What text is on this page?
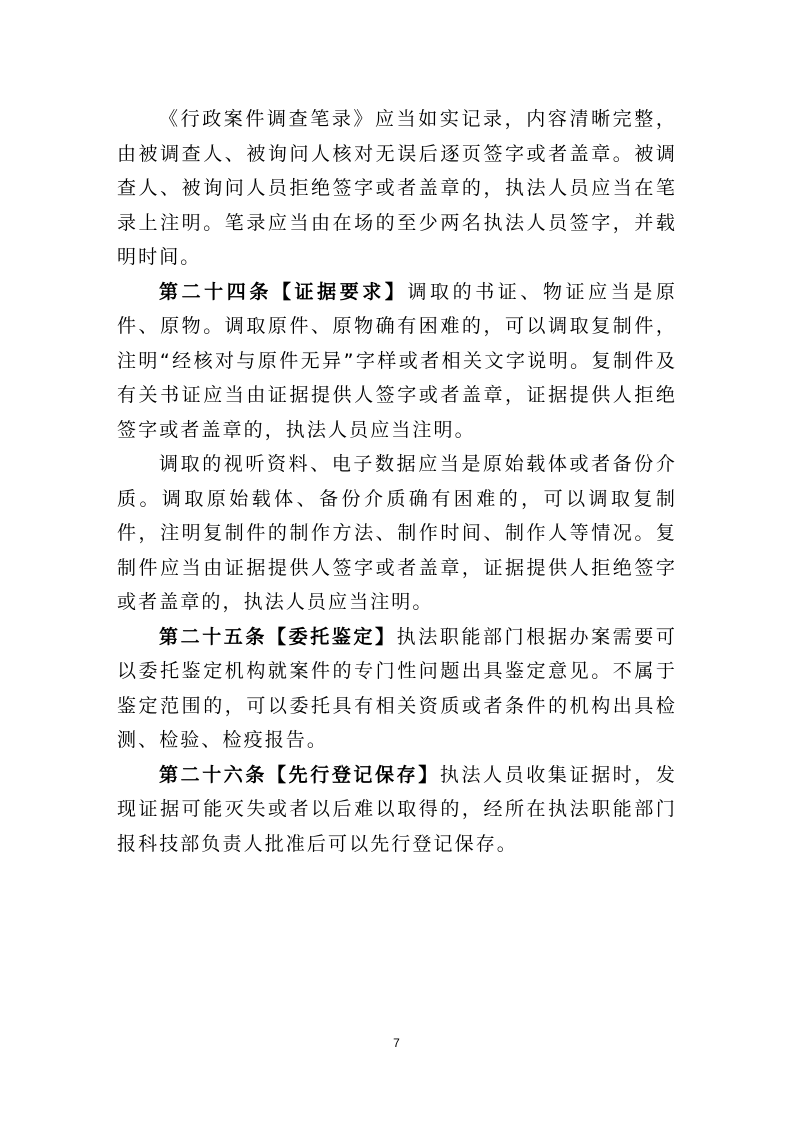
《行政案件调查笔录》应当如实记录，内容清晰完整，由被调查人、被询问人核对无误后逐页签字或者盖章。被调查人、被询问人员拒绝签字或者盖章的，执法人员应当在笔录上注明。笔录应当由在场的至少两名执法人员签字，并载明时间。

第二十四条【证据要求】调取的书证、物证应当是原件、原物。调取原件、原物确有困难的，可以调取复制件，注明“经核对与原件无异”字样或者相关文字说明。复制件及有关书证应当由证据提供人签字或者盖章，证据提供人拒绝签字或者盖章的，执法人员应当注明。

调取的视听资料、电子数据应当是原始载体或者备份介质。调取原始载体、备份介质确有困难的，可以调取复制件，注明复制件的制作方法、制作时间、制作人等情况。复制件应当由证据提供人签字或者盖章，证据提供人拒绝签字或者盖章的，执法人员应当注明。

第二十五条【委托鉴定】执法职能部门根据办案需要可以委托鉴定机构就案件的专门性问题出具鉴定意见。不属于鉴定范围的，可以委托具有相关资质或者条件的机构出具检测、检验、检疫报告。

第二十六条【先行登记保存】执法人员收集证据时，发现证据可能灭失或者以后难以取得的，经所在执法职能部门报科技部负责人批准后可以先行登记保存。

7
